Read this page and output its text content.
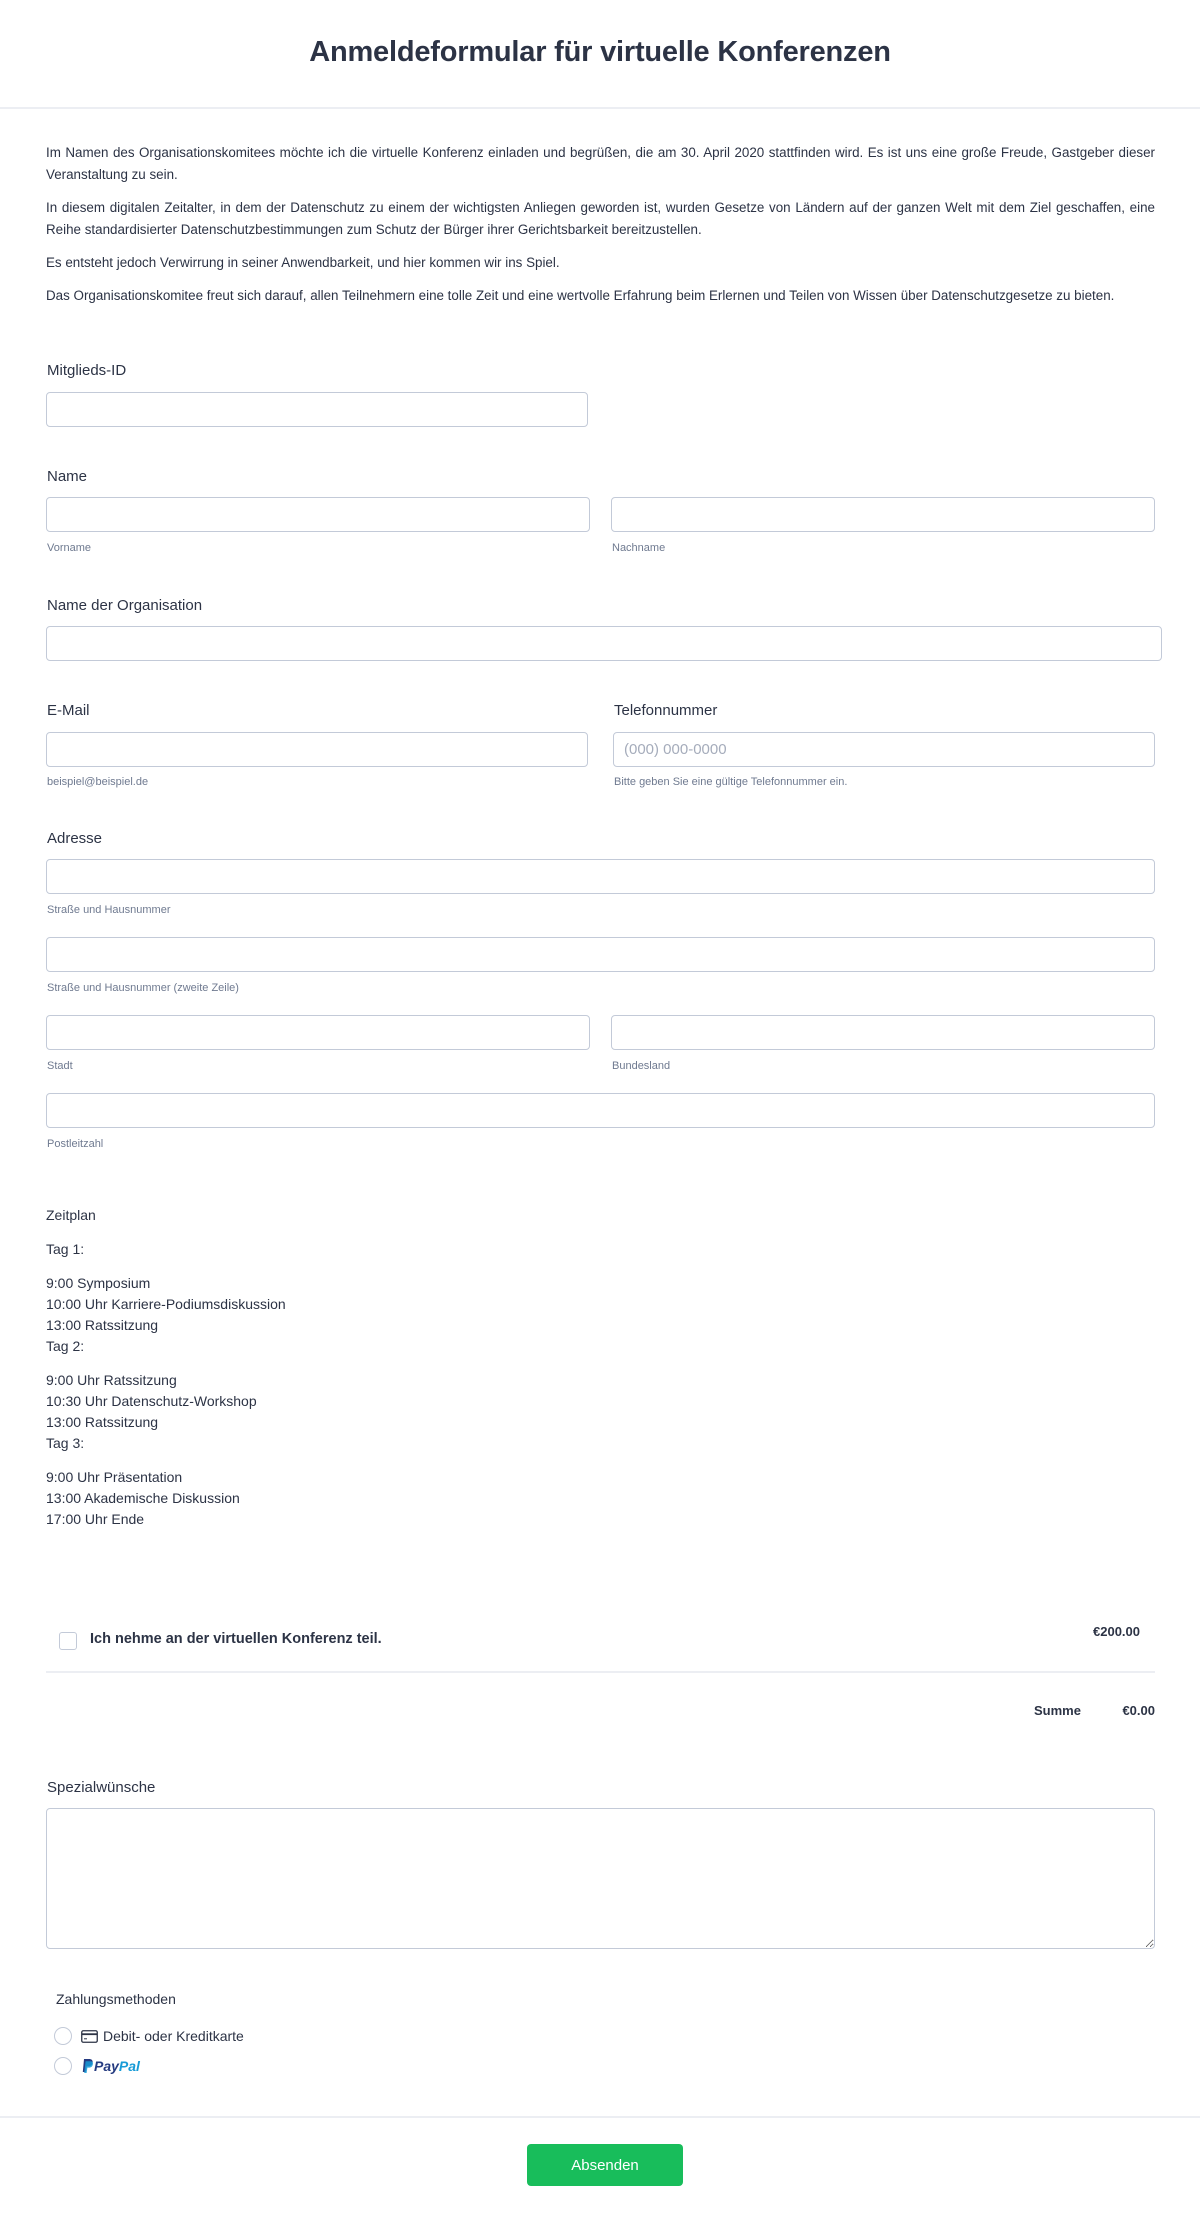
Anmeldeformular für virtuelle Konferenzen

Im Namen des Organisationskomitees möchte ich die virtuelle Konferenz einladen und begrüßen, die am 30. April 2020 stattfinden wird. Es ist uns eine große Freude, Gastgeber dieser Veranstaltung zu sein.

In diesem digitalen Zeitalter, in dem der Datenschutz zu einem der wichtigsten Anliegen geworden ist, wurden Gesetze von Ländern auf der ganzen Welt mit dem Ziel geschaffen, eine Reihe standardisierter Datenschutzbestimmungen zum Schutz der Bürger ihrer Gerichtsbarkeit bereitzustellen.

Es entsteht jedoch Verwirrung in seiner Anwendbarkeit, und hier kommen wir ins Spiel.

Das Organisationskomitee freut sich darauf, allen Teilnehmern eine tolle Zeit und eine wertvolle Erfahrung beim Erlernen und Teilen von Wissen über Datenschutzgesetze zu bieten.

Mitglieds-ID
Name
Vorname	Nachname
Name der Organisation
E-Mail
beispiel@beispiel.de
Telefonnummer
(000) 000-0000
Bitte geben Sie eine gültige Telefonnummer ein.
Adresse
Straße und Hausnummer
Straße und Hausnummer (zweite Zeile)
Stadt	Bundesland
Postleitzahl
Zeitplan
Tag 1:
9:00 Symposium
10:00 Uhr Karriere-Podiumsdiskussion
13:00 Ratssitzung
Tag 2:
9:00 Uhr Ratssitzung
10:30 Uhr Datenschutz-Workshop
13:00 Ratssitzung
Tag 3:
9:00 Uhr Präsentation
13:00 Akademische Diskussion
17:00 Uhr Ende
Ich nehme an der virtuellen Konferenz teil.	€200.00
Summe	€0.00
Spezialwünsche
Zahlungsmethoden
Debit- oder Kreditkarte
PayPal
Absenden
